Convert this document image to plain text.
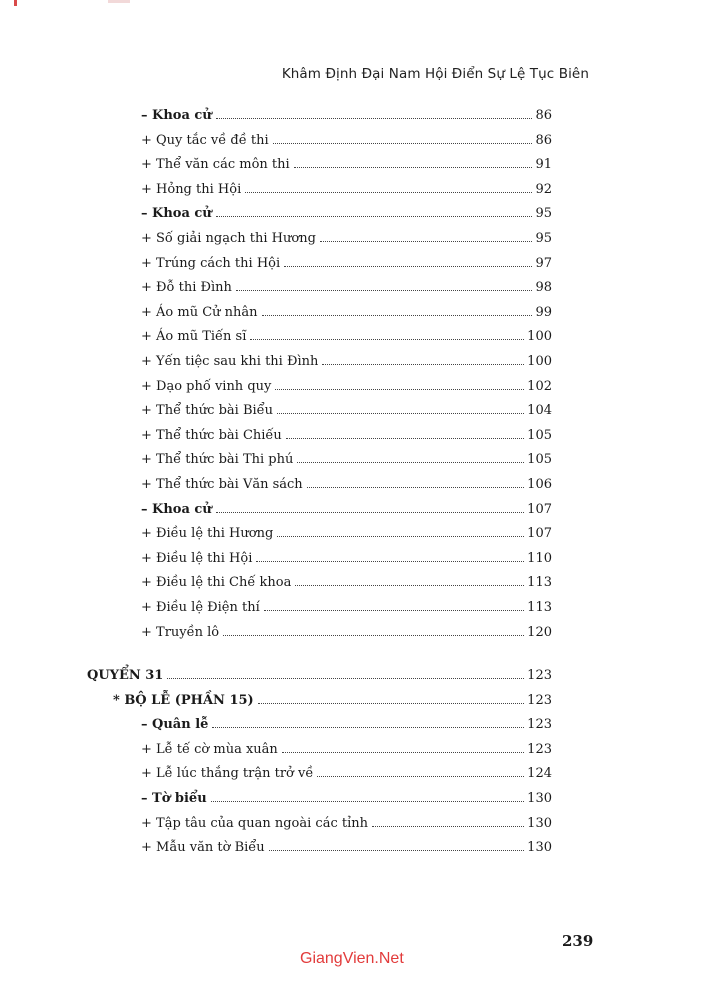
Khâm Định Đại Nam Hội Điển Sự Lệ Tục Biên
– Khoa cử	86
+ Quy tắc về đề thi	86
+ Thể văn các môn thi	91
+ Hỏng thi Hội	92
– Khoa cử	95
+ Số giải ngạch thi Hương	95
+ Trúng cách thi Hội	97
+ Đỗ thi Đình	98
+ Áo mũ Cử nhân	99
+ Áo mũ Tiến sĩ	100
+ Yến tiệc sau khi thi Đình	100
+ Dạo phố vinh quy	102
+ Thể thức bài Biểu	104
+ Thể thức bài Chiếu	105
+ Thể thức bài Thi phú	105
+ Thể thức bài Văn sách	106
– Khoa cử	107
+ Điều lệ thi Hương	107
+ Điều lệ thi Hội	110
+ Điều lệ thi Chế khoa	113
+ Điều lệ Điện thí	113
+ Truyền lô	120
QUYỂN 31	123
* BỘ LỄ (PHẦN 15)	123
– Quân lễ	123
+ Lễ tế cờ mùa xuân	123
+ Lễ lúc thắng trận trở về	124
– Tờ biểu	130
+ Tập tâu của quan ngoài các tỉnh	130
+ Mẫu văn tờ Biểu	130
239
GiangVien.Net
